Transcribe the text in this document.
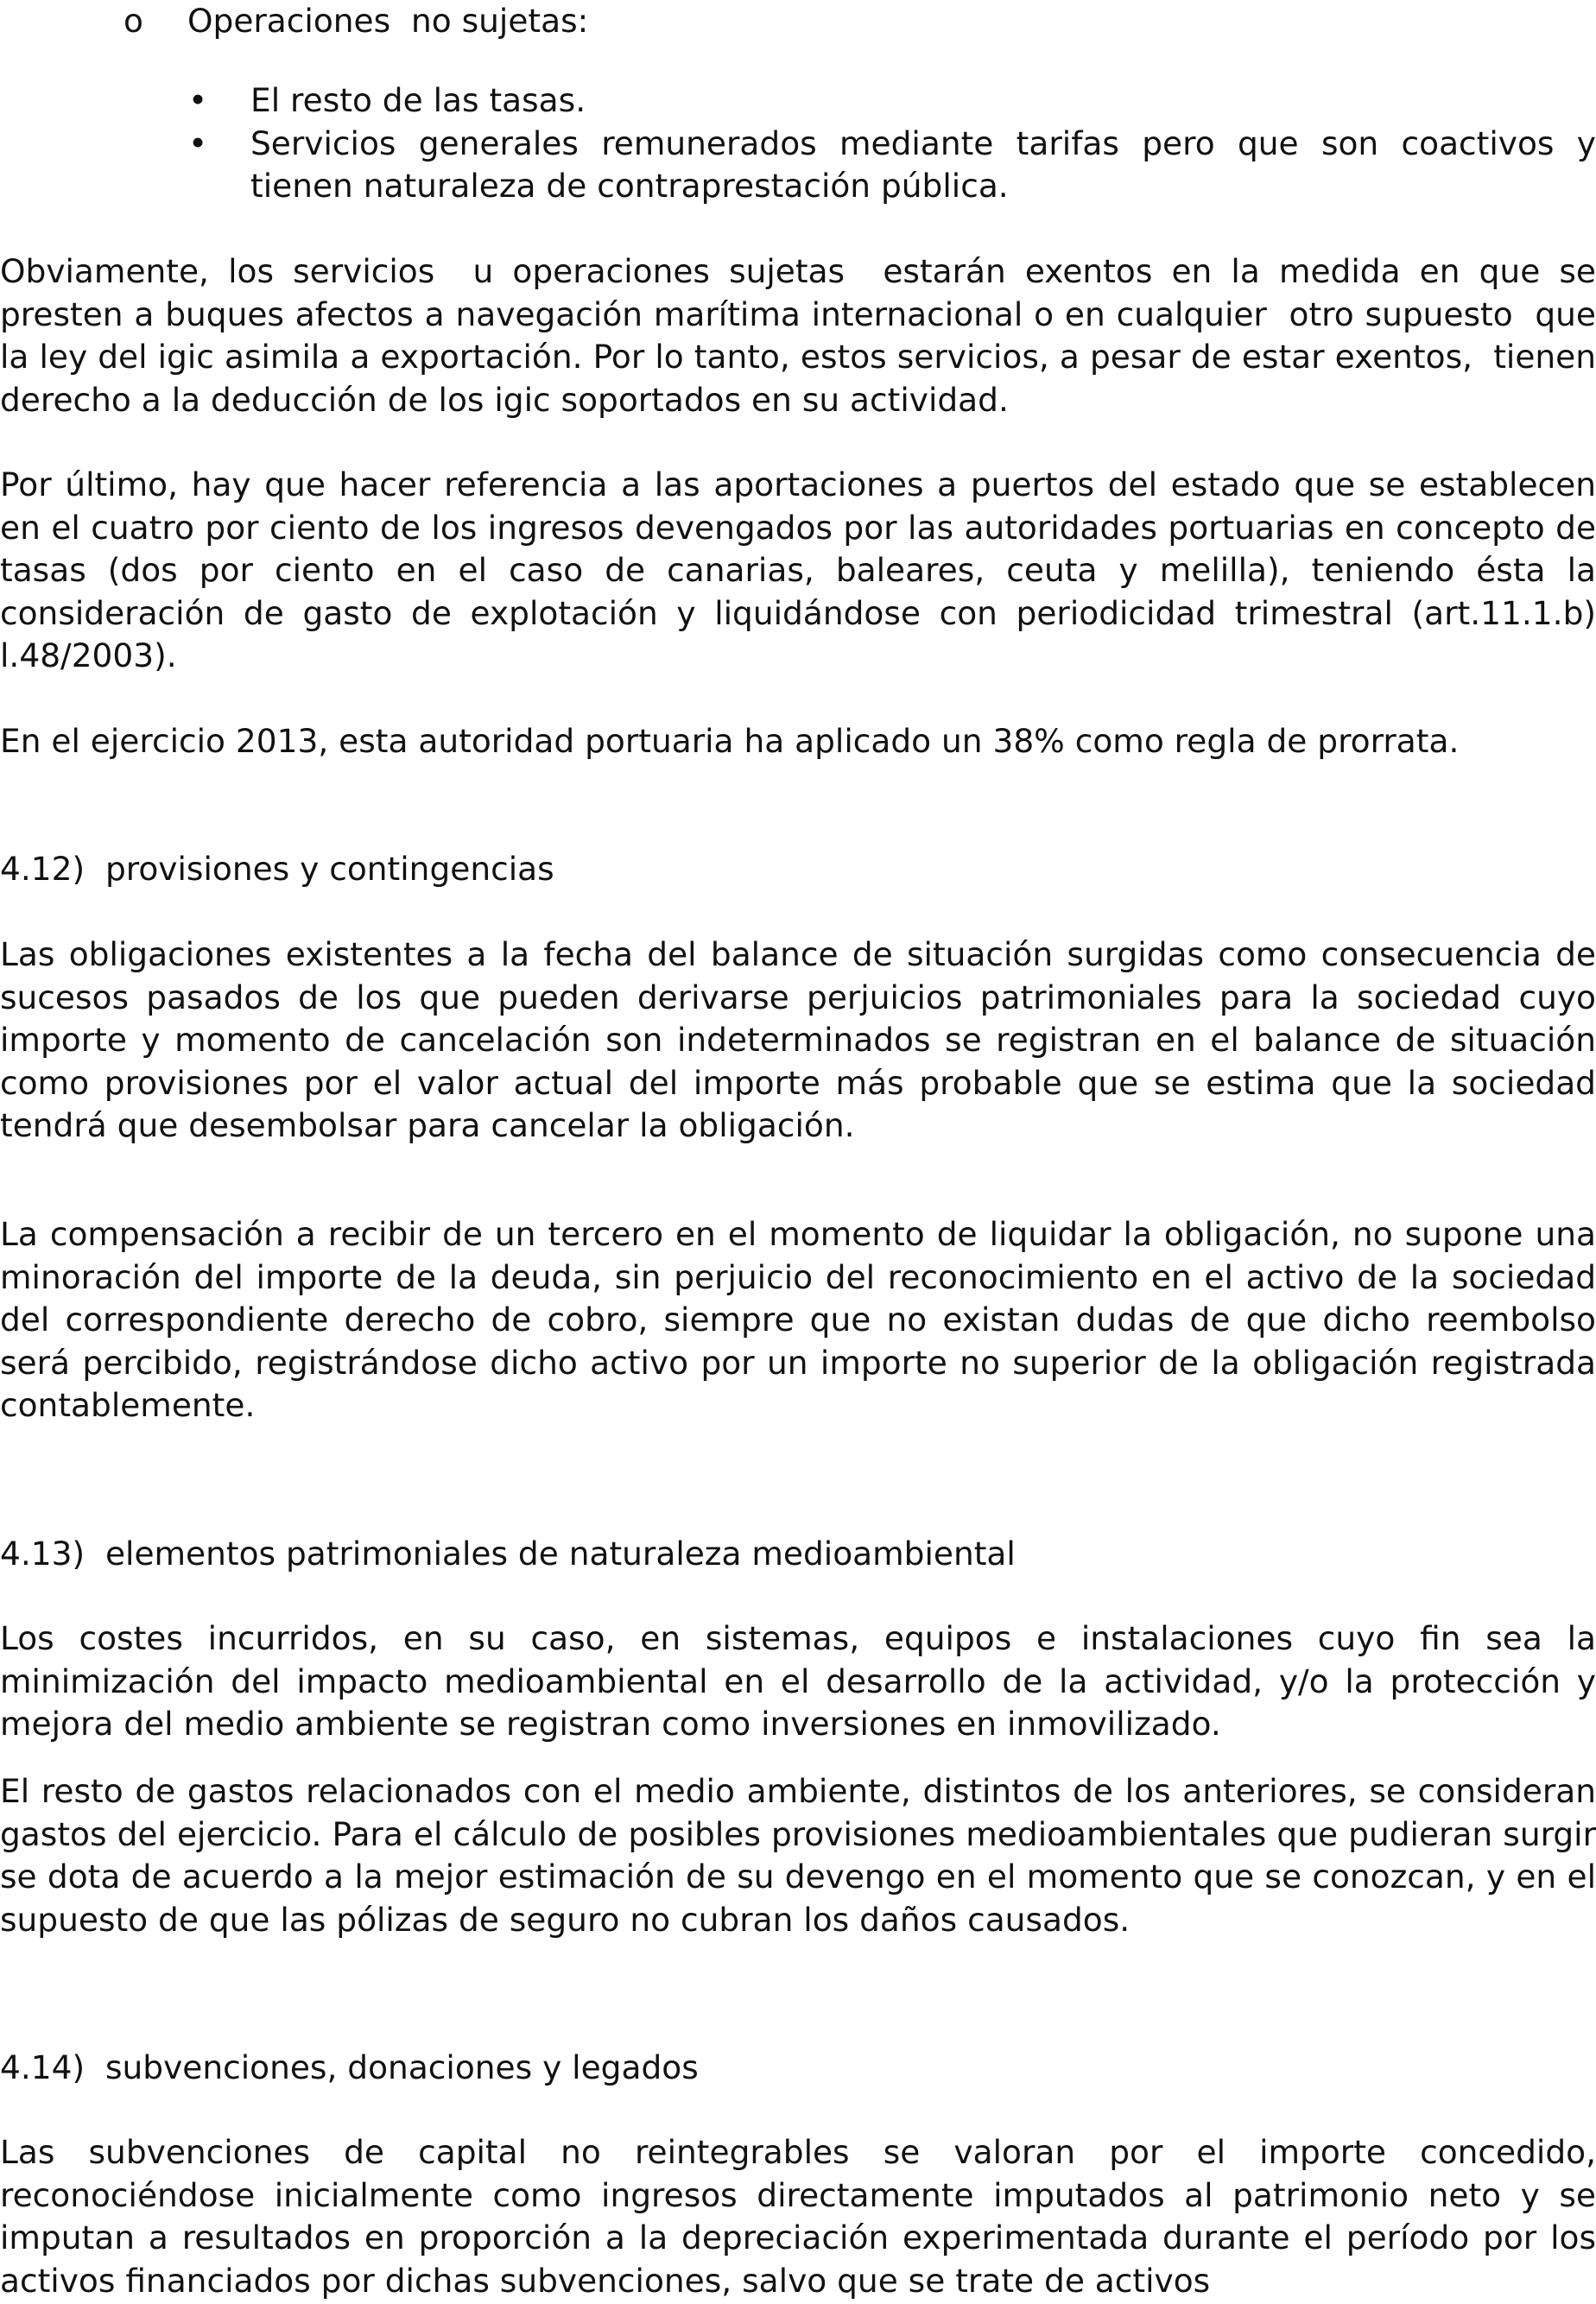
o Operaciones  no sujetas:
• El resto de las tasas.
• Servicios generales remunerados mediante tarifas pero que son coactivos y tienen naturaleza de contraprestación pública.

Obviamente, los servicios  u operaciones sujetas  estarán exentos en la medida en que se  presten a buques afectos a navegación marítima internacional o en cualquier  otro supuesto  que la ley del igic asimila a exportación. Por lo tanto, estos servicios, a pesar de estar exentos,  tienen derecho a la deducción de los igic soportados en su actividad.

Por último, hay que hacer referencia a las aportaciones a puertos del estado que se establecen en el cuatro por ciento de los ingresos devengados por las autoridades portuarias en concepto de tasas (dos por ciento en el caso de canarias, baleares, ceuta y melilla), teniendo ésta la consideración de gasto de explotación y liquidándose con periodicidad trimestral (art.11.1.b) l.48/2003).

En el ejercicio 2013, esta autoridad portuaria ha aplicado un 38% como regla de prorrata.

4.12)  provisiones y contingencias

Las obligaciones existentes a la fecha del balance de situación surgidas como consecuencia de sucesos pasados de los que pueden derivarse perjuicios patrimoniales para la sociedad cuyo importe y momento de cancelación son indeterminados se registran en el balance de situación como provisiones por el valor actual del importe más probable que se estima que la sociedad tendrá que desembolsar para cancelar la obligación.

La compensación a recibir de un tercero en el momento de liquidar la obligación, no supone una minoración del importe de la deuda, sin perjuicio del reconocimiento en el activo de la sociedad del correspondiente derecho de cobro, siempre que no existan dudas de que dicho reembolso será percibido, registrándose dicho activo por un importe no superior de la obligación registrada contablemente.

4.13)  elementos patrimoniales de naturaleza medioambiental

Los costes incurridos, en su caso, en sistemas, equipos e instalaciones cuyo fin sea la minimización del impacto medioambiental en el desarrollo de la actividad, y/o la protección y mejora del medio ambiente se registran como inversiones en inmovilizado.

El resto de gastos relacionados con el medio ambiente, distintos de los anteriores, se consideran gastos del ejercicio. Para el cálculo de posibles provisiones medioambientales que pudieran surgir se dota de acuerdo a la mejor estimación de su devengo en el momento que se conozcan, y en el supuesto de que las pólizas de seguro no cubran los daños causados.

4.14)  subvenciones, donaciones y legados

Las subvenciones de capital no reintegrables se valoran por el importe concedido, reconociéndose inicialmente como ingresos directamente imputados al patrimonio neto y se imputan a resultados en proporción a la depreciación experimentada durante el período por los activos financiados por dichas subvenciones, salvo que se trate de activos
